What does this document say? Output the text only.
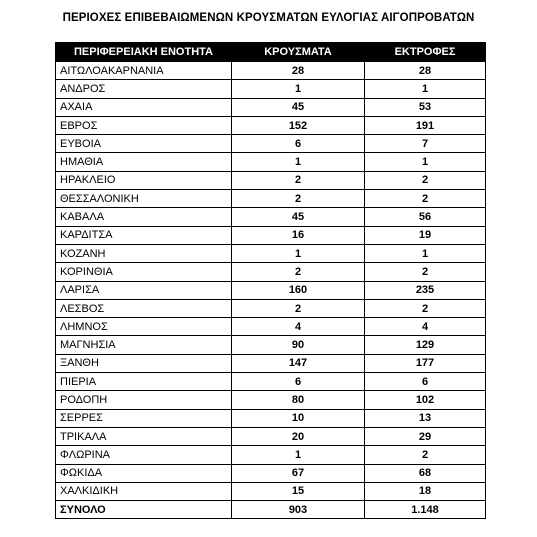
ΠΕΡΙΟΧΕΣ ΕΠΙΒΕΒΑΙΩΜΕΝΩΝ ΚΡΟΥΣΜΑΤΩΝ ΕΥΛΟΓΙΑΣ ΑΙΓΟΠΡΟΒΑΤΩΝ
ΠΕΡΙΦΕΡΕΙΑΚΗ ΕΝΟΤΗΤΑ	ΚΡΟΥΣΜΑΤΑ	ΕΚΤΡΟΦΕΣ
ΑΙΤΩΛΟΑΚΑΡΝΑΝΙΑ	28	28
ΑΝΔΡΟΣ	1	1
ΑΧΑΙΑ	45	53
ΕΒΡΟΣ	152	191
ΕΥΒΟΙΑ	6	7
ΗΜΑΘΙΑ	1	1
ΗΡΑΚΛΕΙΟ	2	2
ΘΕΣΣΑΛΟΝΙΚΗ	2	2
ΚΑΒΑΛΑ	45	56
ΚΑΡΔΙΤΣΑ	16	19
ΚΟΖΑΝΗ	1	1
ΚΟΡΙΝΘΙΑ	2	2
ΛΑΡΙΣΑ	160	235
ΛΕΣΒΟΣ	2	2
ΛΗΜΝΟΣ	4	4
ΜΑΓΝΗΣΙΑ	90	129
ΞΑΝΘΗ	147	177
ΠΙΕΡΙΑ	6	6
ΡΟΔΟΠΗ	80	102
ΣΕΡΡΕΣ	10	13
ΤΡΙΚΑΛΑ	20	29
ΦΛΩΡΙΝΑ	1	2
ΦΩΚΙΔΑ	67	68
ΧΑΛΚΙΔΙΚΗ	15	18
ΣΥΝΟΛΟ	903	1.148
